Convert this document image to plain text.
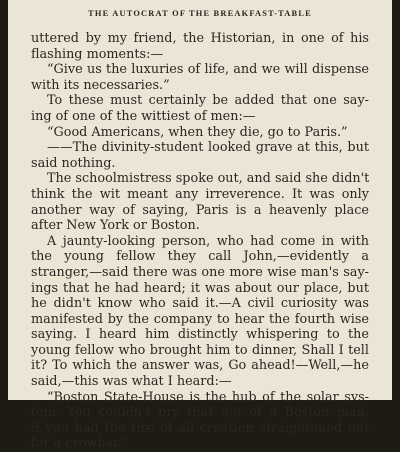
THE AUTOCRAT OF THE BREAKFAST-TABLE
uttered by my friend, the Historian, in one of his
flashing moments:—
“Give us the luxuries of life, and we will dispense
with its necessaries.”
To these must certainly be added that one say-
ing of one of the wittiest of men:—
“Good Americans, when they die, go to Paris.”
——The divinity-student looked grave at this, but
said nothing.
The schoolmistress spoke out, and said she didn't
think the wit meant any irreverence. It was only
another way of saying, Paris is a heavenly place
after New York or Boston.
A jaunty-looking person, who had come in with
the young fellow they call John,—evidently a
stranger,—said there was one more wise man's say-
ings that he had heard; it was about our place, but
he didn't know who said it.—A civil curiosity was
manifested by the company to hear the fourth wise
saying. I heard him distinctly whispering to the
young fellow who brought him to dinner, Shall I tell
it? To which the answer was, Go ahead!—Well,—he
said,—this was what I heard:—
“Boston State-House is the hub of the solar sys-
tem. You couldn't pry that out of a Boston man,
if you had the tire of all creation straightened out
for a crowbar.”
